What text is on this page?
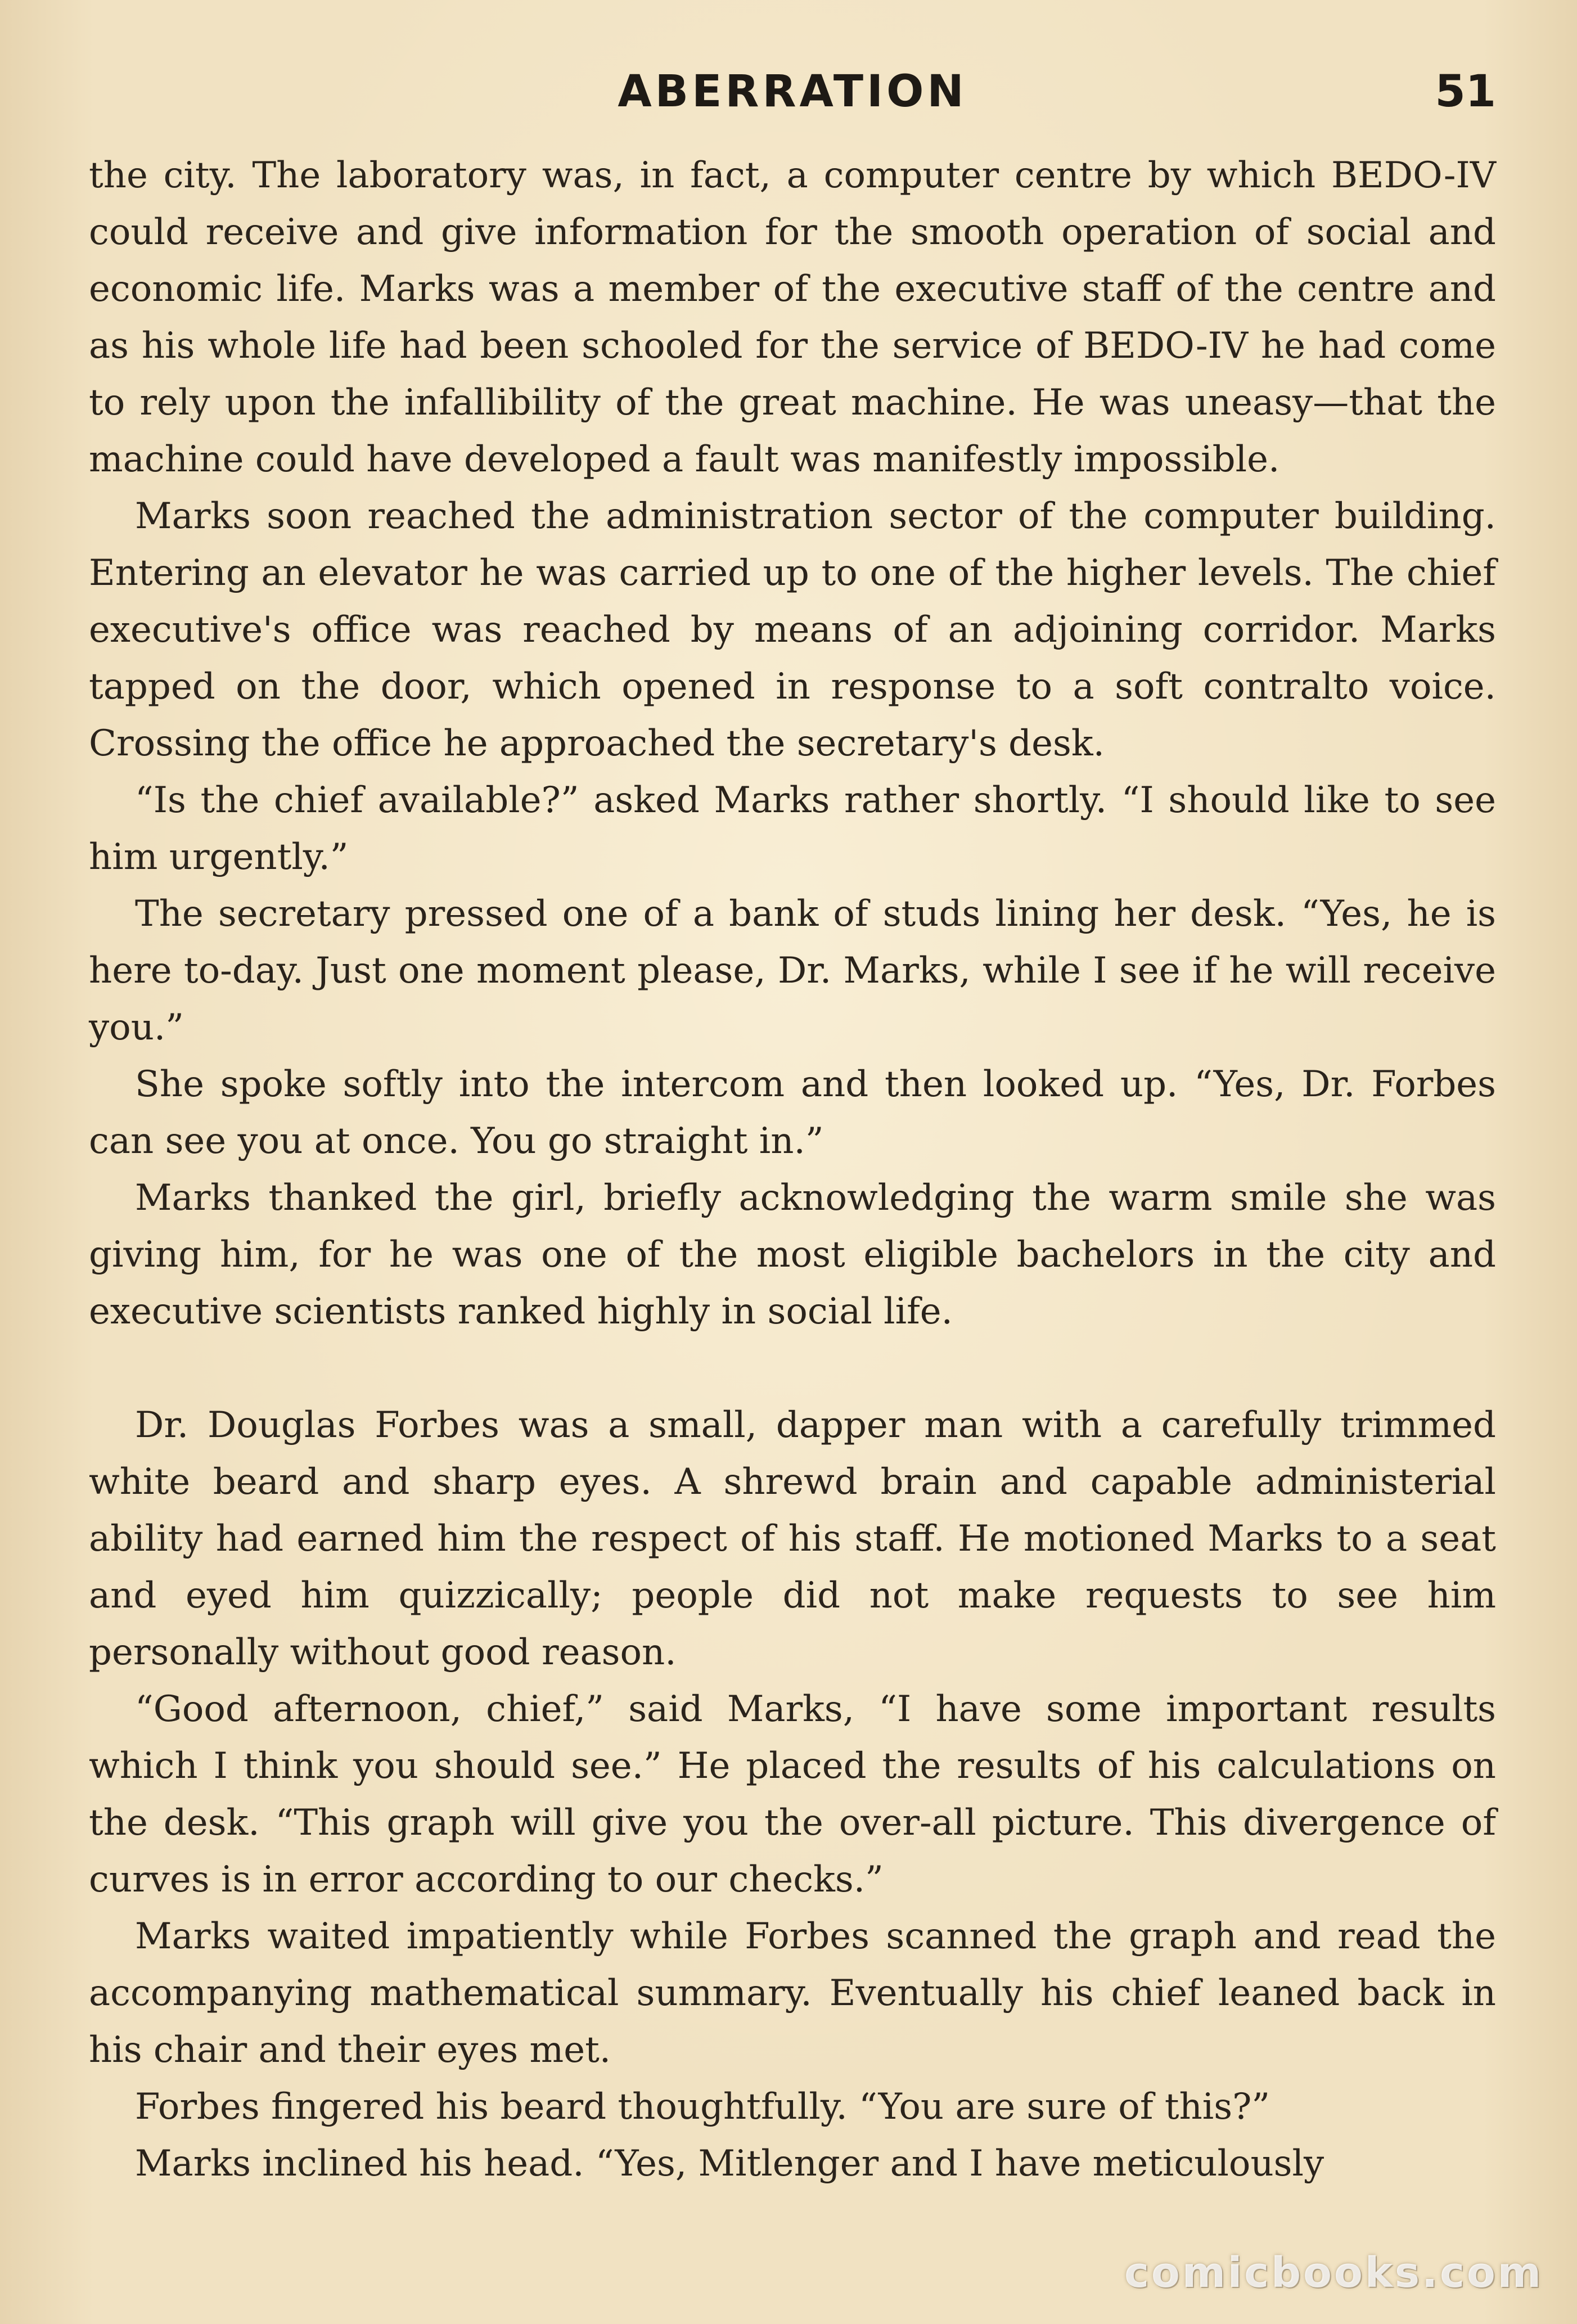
ABERRATION	51

the city. The laboratory was, in fact, a computer centre by which BEDO-IV could receive and give information for the smooth operation of social and economic life. Marks was a member of the executive staff of the centre and as his whole life had been schooled for the service of BEDO-IV he had come to rely upon the infallibility of the great machine. He was uneasy—that the machine could have developed a fault was manifestly impossible.

Marks soon reached the administration sector of the computer building. Entering an elevator he was carried up to one of the higher levels. The chief executive's office was reached by means of an adjoining corridor. Marks tapped on the door, which opened in response to a soft contralto voice. Crossing the office he approached the secretary's desk.

“Is the chief available?” asked Marks rather shortly. “I should like to see him urgently.”

The secretary pressed one of a bank of studs lining her desk. “Yes, he is here to-day. Just one moment please, Dr. Marks, while I see if he will receive you.”

She spoke softly into the intercom and then looked up. “Yes, Dr. Forbes can see you at once. You go straight in.”

Marks thanked the girl, briefly acknowledging the warm smile she was giving him, for he was one of the most eligible bachelors in the city and executive scientists ranked highly in social life.

Dr. Douglas Forbes was a small, dapper man with a carefully trimmed white beard and sharp eyes. A shrewd brain and capable administerial ability had earned him the respect of his staff. He motioned Marks to a seat and eyed him quizzically; people did not make requests to see him personally without good reason.

“Good afternoon, chief,” said Marks, “I have some important results which I think you should see.” He placed the results of his calculations on the desk. “This graph will give you the over-all picture. This divergence of curves is in error according to our checks.”

Marks waited impatiently while Forbes scanned the graph and read the accompanying mathematical summary. Eventually his chief leaned back in his chair and their eyes met.

Forbes fingered his beard thoughtfully. “You are sure of this?”

Marks inclined his head. “Yes, Mitlenger and I have meticulously

comicbooks.com
